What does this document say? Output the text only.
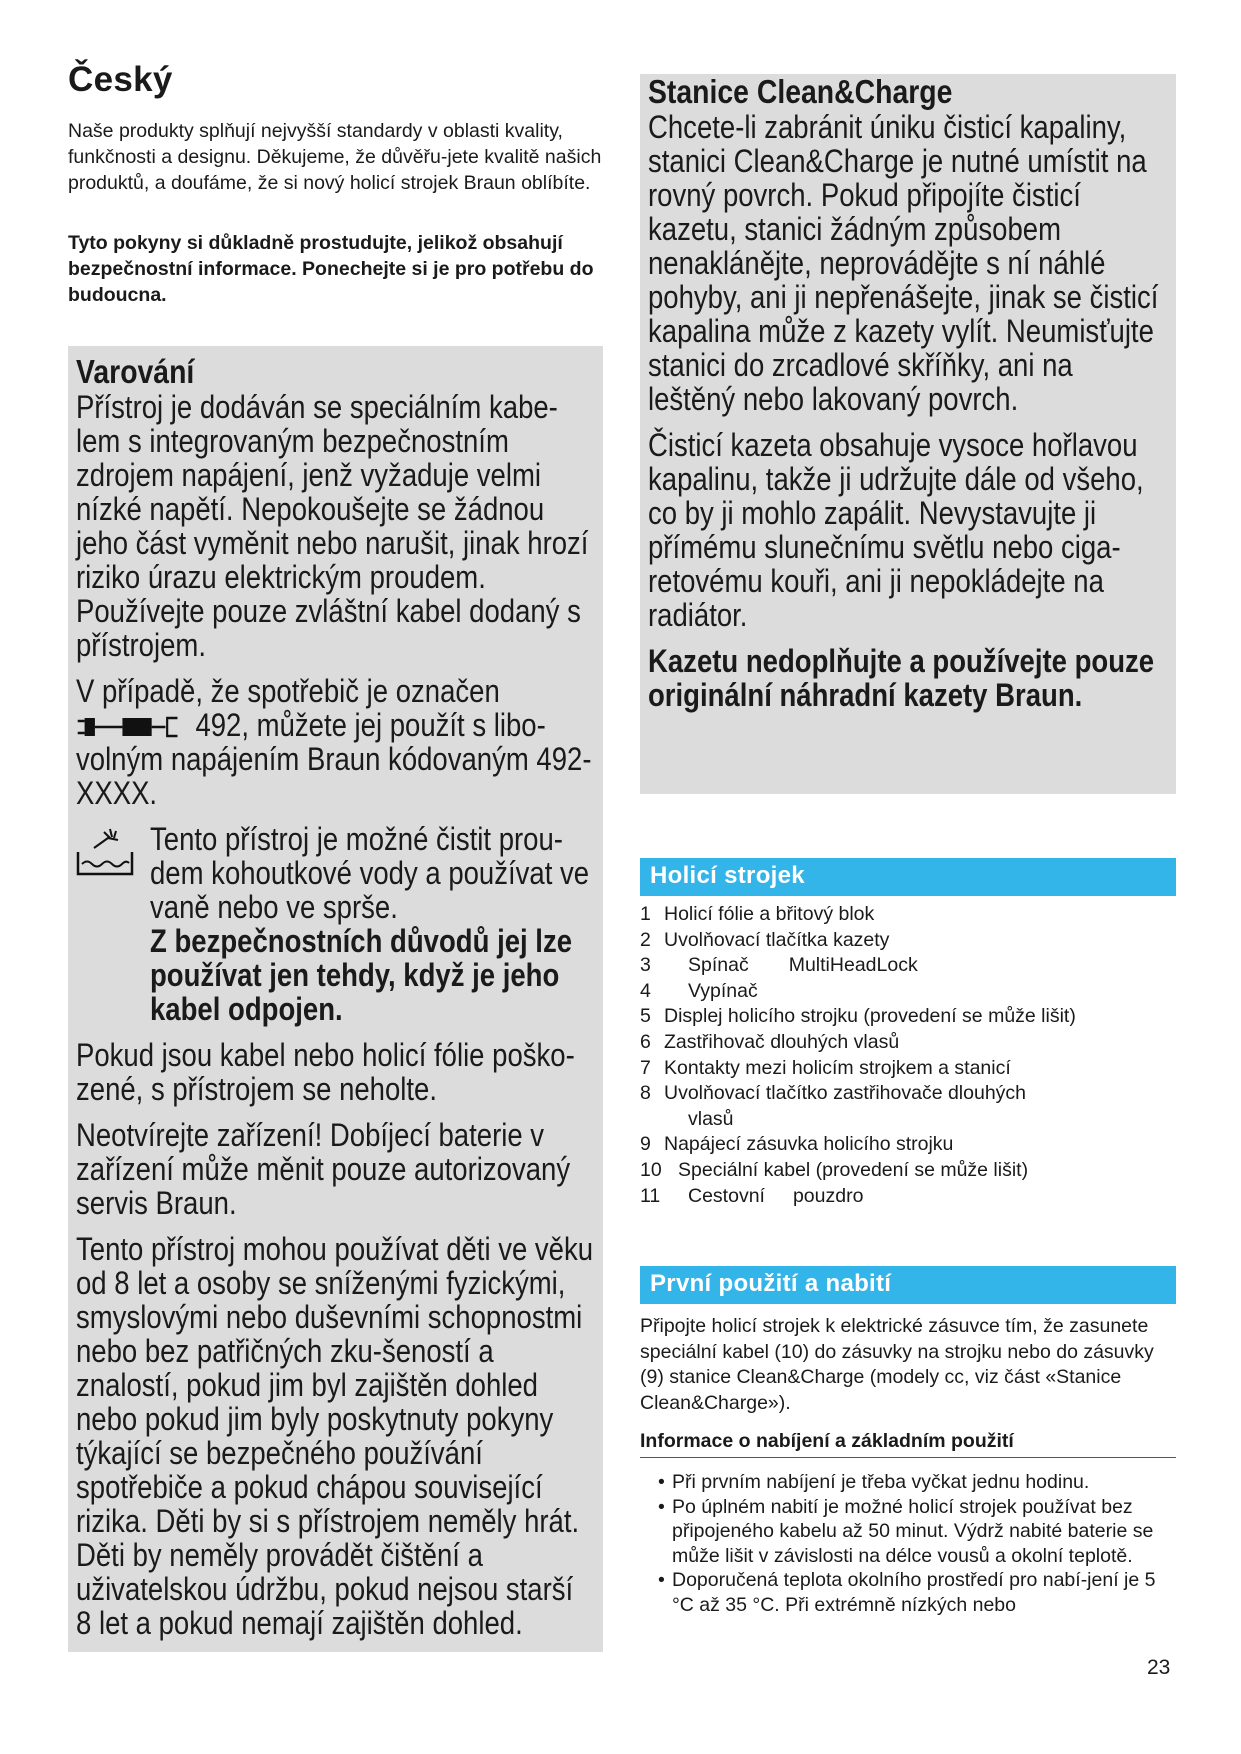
Český

Naše produkty splňují nejvyšší standardy v oblasti kvality, funkčnosti a designu. Děkujeme, že důvěřu-jete kvalitě našich produktů, a doufáme, že si nový holicí strojek Braun oblíbíte.

Tyto pokyny si důkladně prostudujte, jelikož obsahují bezpečnostní informace. Ponechejte si je pro potřebu do budoucna.

Varování

Přístroj je dodáván se speciálním kabe-lem s integrovaným bezpečnostním zdrojem napájení, jenž vyžaduje velmi nízké napětí. Nepokoušejte se žádnou jeho část vyměnit nebo narušit, jinak hrozí riziko úrazu elektrickým proudem. Používejte pouze zvláštní kabel dodaný s přístrojem.

V případě, že spotřebič je označen
492, můžete jej použít s libo-volným napájením Braun kódovaným 492-XXXX.

Tento přístroj je možné čistit prou-dem kohoutkové vody a používat ve vaně nebo ve sprše.

Z bezpečnostních důvodů jej lze používat jen tehdy, když je jeho kabel odpojen.

Pokud jsou kabel nebo holicí fólie poško-zené, s přístrojem se neholte.

Neotvírejte zařízení! Dobíjecí baterie v zařízení může měnit pouze autorizovaný servis Braun.

Tento přístroj mohou používat děti ve věku od 8 let a osoby se sníženými fyzickými, smyslovými nebo duševními schopnostmi nebo bez patřičných zku-šeností a znalostí, pokud jim byl zajištěn dohled nebo pokud jim byly poskytnuty pokyny týkající se bezpečného používání spotřebiče a pokud chápou související rizika. Děti by si s přístrojem neměly hrát. Děti by neměly provádět čištění a uživatelskou údržbu, pokud nejsou starší 8 let a pokud nemají zajištěn dohled.

Stanice Clean&Charge

Chcete-li zabránit úniku čisticí kapaliny, stanici Clean&Charge je nutné umístit na rovný povrch. Pokud připojíte čisticí kazetu, stanici žádným způsobem nenaklánějte, neprovádějte s ní náhlé pohyby, ani ji nepřenášejte, jinak se čisticí kapalina může z kazety vylít. Neumisťujte stanici do zrcadlové skříňky, ani na leštěný nebo lakovaný povrch.

Čisticí kazeta obsahuje vysoce hořlavou kapalinu, takže ji udržujte dále od všeho, co by ji mohlo zapálit. Nevystavujte ji přímému slunečnímu světlu nebo ciga-retovému kouři, ani ji nepokládejte na radiátor.

Kazetu nedoplňujte a používejte pouze originální náhradní kazety Braun.

Holicí strojek
1 Holicí fólie a břitový blok
2 Uvolňovací tlačítka kazety
3	Spínač MultiHeadLock
4	Vypínač
5 Displej holicího strojku (provedení se může lišit)
6 Zastřihovač dlouhých vlasů
7 Kontakty mezi holicím strojkem a stanicí
8 Uvolňovací tlačítko zastřihovače dlouhých
vlasů
9 Napájecí zásuvka holicího strojku
10 Speciální kabel (provedení se může lišit)
11	Cestovní pouzdro
První použití a nabití

Připojte holicí strojek k elektrické zásuvce tím, že zasunete speciální kabel (10) do zásuvky na strojku nebo do zásuvky (9) stanice Clean&Charge (modely cc, viz část «Stanice Clean&Charge»).

Informace o nabíjení a základním použití

• Při prvním nabíjení je třeba vyčkat jednu hodinu.
• Po úplném nabití je možné holicí strojek používat bez připojeného kabelu až 50 minut. Výdrž nabité baterie se může lišit v závislosti na délce vousů a okolní teplotě.
• Doporučená teplota okolního prostředí pro nabí-jení je 5 °C až 35 °C. Při extrémně nízkých nebo
23
